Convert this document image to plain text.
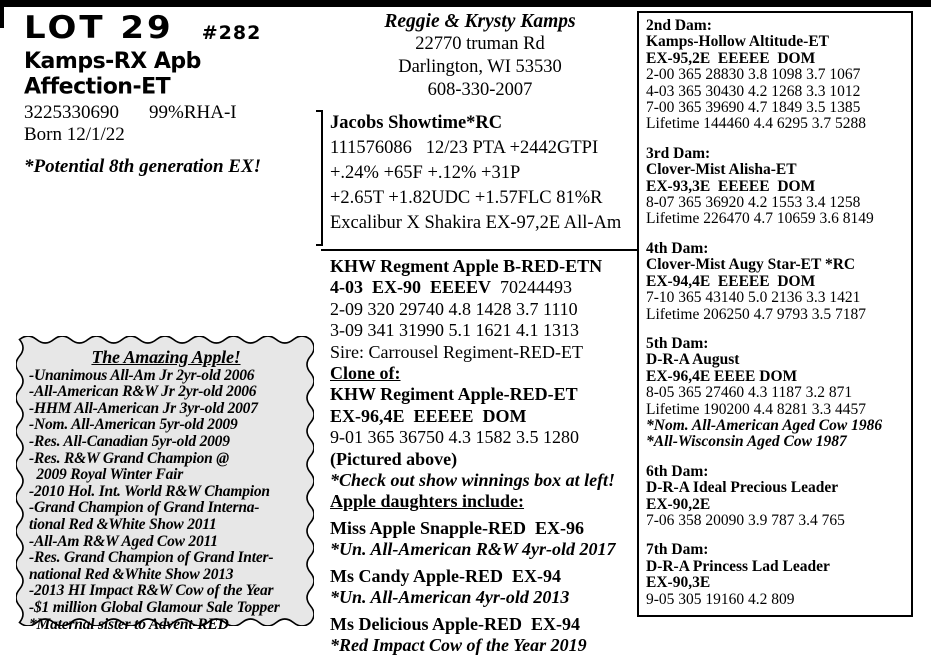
LOT 29 #282
Kamps-RX Apb Affection-ET
3225330690 99%RHA-I
Born 12/1/22
*Potential 8th generation EX!
Reggie & Krysty Kamps
22770 truman Rd
Darlington, WI 53530
608-330-2007
Jacobs Showtime*RC
111576086   12/23 PTA +2442GTPI
+.24% +65F +.12% +31P
+2.65T +1.82UDC +1.57FLC 81%R
Excalibur X Shakira EX-97,2E All-Am
KHW Regment Apple B-RED-ETN
4-03  EX-90  EEEEV 70244493
2-09 320 29740 4.8 1428 3.7 1110
3-09 341 31990 5.1 1621 4.1 1313
Sire: Carrousel Regiment-RED-ET
Clone of:
KHW Regiment Apple-RED-ET
EX-96,4E  EEEEE  DOM
9-01 365 36750 4.3 1582 3.5 1280
(Pictured above)
*Check out show winnings box at left!
Apple daughters include:
Miss Apple Snapple-RED  EX-96
*Un. All-American R&W 4yr-old 2017
Ms Candy Apple-RED  EX-94
*Un. All-American 4yr-old 2013
Ms Delicious Apple-RED  EX-94
*Red Impact Cow of the Year 2019
The Amazing Apple!
-Unanimous All-Am Jr 2yr-old 2006
-All-American R&W Jr 2yr-old 2006
-HHM All-American Jr 3yr-old 2007
-Nom. All-American 5yr-old 2009
-Res. All-Canadian 5yr-old 2009
-Res. R&W Grand Champion @
2009 Royal Winter Fair
-2010 Hol. Int. World R&W Champion
-Grand Champion of Grand Interna-
tional Red &White Show 2011
-All-Am R&W Aged Cow 2011
-Res. Grand Champion of Grand Inter-
national Red &White Show 2013
-2013 HI Impact R&W Cow of the Year
-$1 million Global Glamour Sale Topper
*Maternal sister to Advent-RED
2nd Dam:
Kamps-Hollow Altitude-ET
EX-95,2E  EEEEE  DOM
2-00 365 28830 3.8 1098 3.7 1067
4-03 365 30430 4.2 1268 3.3 1012
7-00 365 39690 4.7 1849 3.5 1385
Lifetime 144460 4.4 6295 3.7 5288
3rd Dam:
Clover-Mist Alisha-ET
EX-93,3E  EEEEE  DOM
8-07 365 36920 4.2 1553 3.4 1258
Lifetime 226470 4.7 10659 3.6 8149
4th Dam:
Clover-Mist Augy Star-ET *RC
EX-94,4E  EEEEE  DOM
7-10 365 43140 5.0 2136 3.3 1421
Lifetime 206250 4.7 9793 3.5 7187
5th Dam:
D-R-A August
EX-96,4E EEEE DOM
8-05 365 27460 4.3 1187 3.2 871
Lifetime 190200 4.4 8281 3.3 4457
*Nom. All-American Aged Cow 1986
*All-Wisconsin Aged Cow 1987
6th Dam:
D-R-A Ideal Precious Leader
EX-90,2E
7-06 358 20090 3.9 787 3.4 765
7th Dam:
D-R-A Princess Lad Leader
EX-90,3E
9-05 305 19160 4.2 809
